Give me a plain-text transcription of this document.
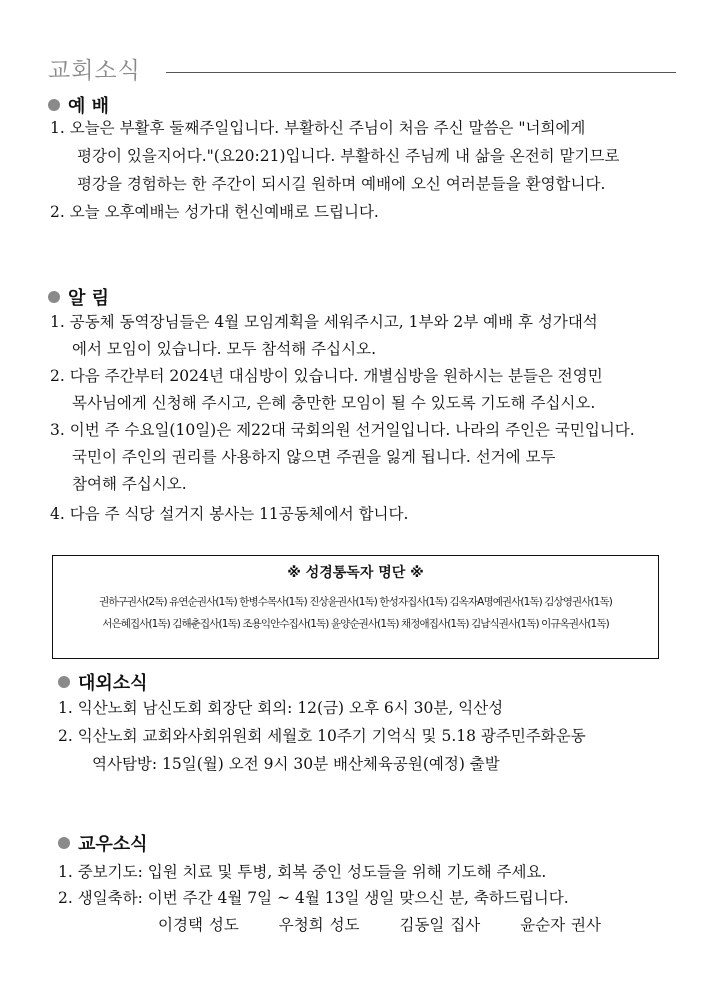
교회소식
예 배
1. 오늘은 부활후 둘째주일입니다. 부활하신 주님이 처음 주신 말씀은 "너희에게
평강이 있을지어다."(요20:21)입니다. 부활하신 주님께 내 삶을 온전히 맡기므로
평강을 경험하는 한 주간이 되시길 원하며 예배에 오신 여러분들을 환영합니다.
2. 오늘 오후예배는 성가대 헌신예배로 드립니다.
알 림
1. 공동체 동역장님들은 4월 모임계획을 세워주시고, 1부와 2부 예배 후 성가대석
에서 모임이 있습니다. 모두 참석해 주십시오.
2. 다음 주간부터 2024년 대심방이 있습니다. 개별심방을 원하시는 분들은 전영민
목사님에게 신청해 주시고, 은혜 충만한 모임이 될 수 있도록 기도해 주십시오.
3. 이번 주 수요일(10일)은 제22대 국회의원 선거일입니다. 나라의 주인은 국민입니다.
국민이 주인의 권리를 사용하지 않으면 주권을 잃게 됩니다. 선거에 모두
참여해 주십시오.
4. 다음 주 식당 설거지 봉사는 11공동체에서 합니다.
※ 성경통독자 명단 ※
권하구권사(2독) 유연순권사(1독) 한병수목사(1독) 진상윤권사(1독) 한성자집사(1독) 김옥자A명예권사(1독) 김상영권사(1독)
서은혜집사(1독) 김해춘집사(1독) 조용익안수집사(1독) 윤양순권사(1독) 채정애집사(1독) 김남식권사(1독) 이규옥권사(1독)
대외소식
1. 익산노회 남신도회 회장단 회의: 12(금) 오후 6시 30분, 익산성
2. 익산노회 교회와사회위원회 세월호 10주기 기억식 및 5.18 광주민주화운동
역사탐방: 15일(월) 오전 9시 30분 배산체육공원(예정) 출발
교우소식
1. 중보기도: 입원 치료 및 투병, 회복 중인 성도들을 위해 기도해 주세요.
2. 생일축하: 이번 주간 4월 7일 ~ 4월 13일 생일 맞으신 분, 축하드립니다.
이경택 성도	우청희 성도	김동일 집사	윤순자 권사
